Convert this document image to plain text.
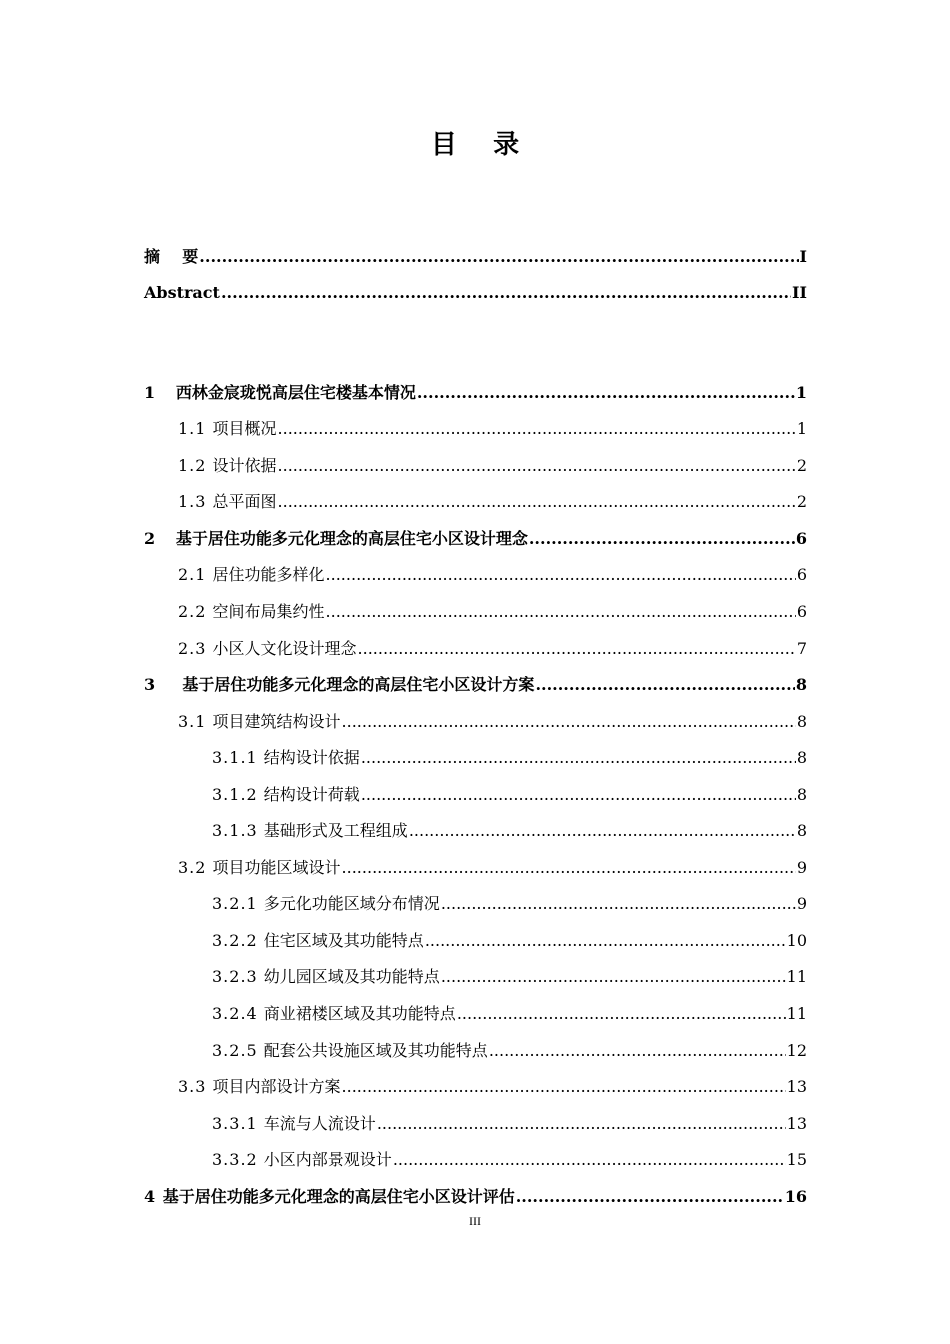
目    录
摘    要 .....	I
Abstract .....	II
1 西林金宸珑悦高层住宅楼基本情况 .....	1
1.1 项目概况 .....	1
1.2 设计依据 .....	2
1.3 总平面图 .....	2
2 基于居住功能多元化理念的高层住宅小区设计理念 .....	6
2.1 居住功能多样化 .....	6
2.2 空间布局集约性 .....	6
2.3 小区人文化设计理念 .....	7
3 基于居住功能多元化理念的高层住宅小区设计方案 .....	8
3.1 项目建筑结构设计 .....	8
3.1.1 结构设计依据 .....	8
3.1.2 结构设计荷载 .....	8
3.1.3 基础形式及工程组成 .....	8
3.2 项目功能区域设计 .....	9
3.2.1 多元化功能区域分布情况 .....	9
3.2.2 住宅区域及其功能特点 .....	10
3.2.3 幼儿园区域及其功能特点 .....	11
3.2.4 商业裙楼区域及其功能特点 .....	11
3.2.5 配套公共设施区域及其功能特点 .....	12
3.3 项目内部设计方案 .....	13
3.3.1 车流与人流设计 .....	13
3.3.2 小区内部景观设计 .....	15
4 基于居住功能多元化理念的高层住宅小区设计评估 .....	16
III
